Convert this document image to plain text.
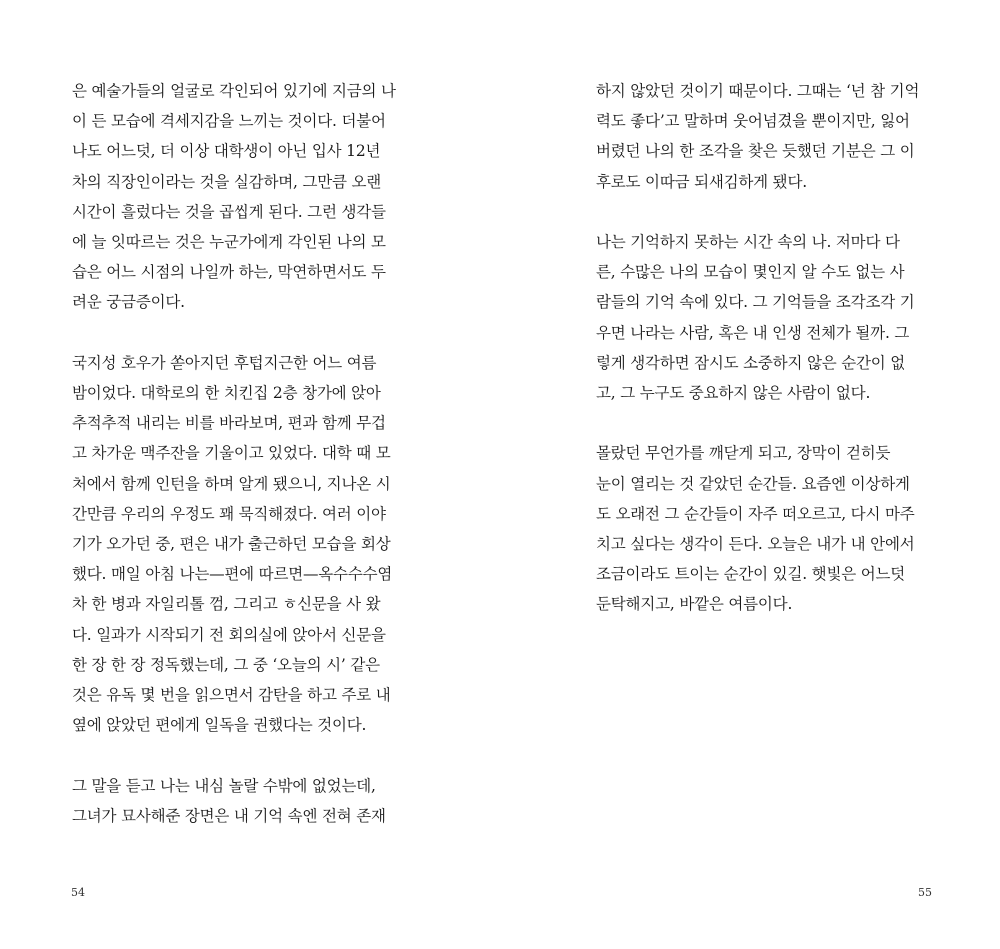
은 예술가들의 얼굴로 각인되어 있기에 지금의 나
이 든 모습에 격세지감을 느끼는 것이다. 더불어
나도 어느덧, 더 이상 대학생이 아닌 입사 12년
차의 직장인이라는 것을 실감하며, 그만큼 오랜
시간이 흘렀다는 것을 곱씹게 된다. 그런 생각들
에 늘 잇따르는 것은 누군가에게 각인된 나의 모
습은 어느 시점의 나일까 하는, 막연하면서도 두
려운 궁금증이다.

국지성 호우가 쏟아지던 후텁지근한 어느 여름
밤이었다. 대학로의 한 치킨집 2층 창가에 앉아
추적추적 내리는 비를 바라보며, 편과 함께 무겁
고 차가운 맥주잔을 기울이고 있었다. 대학 때 모
처에서 함께 인턴을 하며 알게 됐으니, 지나온 시
간만큼 우리의 우정도 꽤 묵직해졌다. 여러 이야
기가 오가던 중, 편은 내가 출근하던 모습을 회상
했다. 매일 아침 나는—편에 따르면—옥수수수염
차 한 병과 자일리톨 껌, 그리고 ㅎ신문을 사 왔
다. 일과가 시작되기 전 회의실에 앉아서 신문을
한 장 한 장 정독했는데, 그 중 ‘오늘의 시’ 같은
것은 유독 몇 번을 읽으면서 감탄을 하고 주로 내
옆에 앉았던 편에게 일독을 권했다는 것이다.

그 말을 듣고 나는 내심 놀랄 수밖에 없었는데,
그녀가 묘사해준 장면은 내 기억 속엔 전혀 존재

54

하지 않았던 것이기 때문이다. 그때는 ‘넌 참 기억
력도 좋다’고 말하며 웃어넘겼을 뿐이지만, 잃어
버렸던 나의 한 조각을 찾은 듯했던 기분은 그 이
후로도 이따금 되새김하게 됐다.

나는 기억하지 못하는 시간 속의 나. 저마다 다
른, 수많은 나의 모습이 몇인지 알 수도 없는 사
람들의 기억 속에 있다. 그 기억들을 조각조각 기
우면 나라는 사람, 혹은 내 인생 전체가 될까. 그
렇게 생각하면 잠시도 소중하지 않은 순간이 없
고, 그 누구도 중요하지 않은 사람이 없다.

몰랐던 무언가를 깨닫게 되고, 장막이 걷히듯
눈이 열리는 것 같았던 순간들. 요즘엔 이상하게
도 오래전 그 순간들이 자주 떠오르고, 다시 마주
치고 싶다는 생각이 든다. 오늘은 내가 내 안에서
조금이라도 트이는 순간이 있길. 햇빛은 어느덧
둔탁해지고, 바깥은 여름이다.

55
